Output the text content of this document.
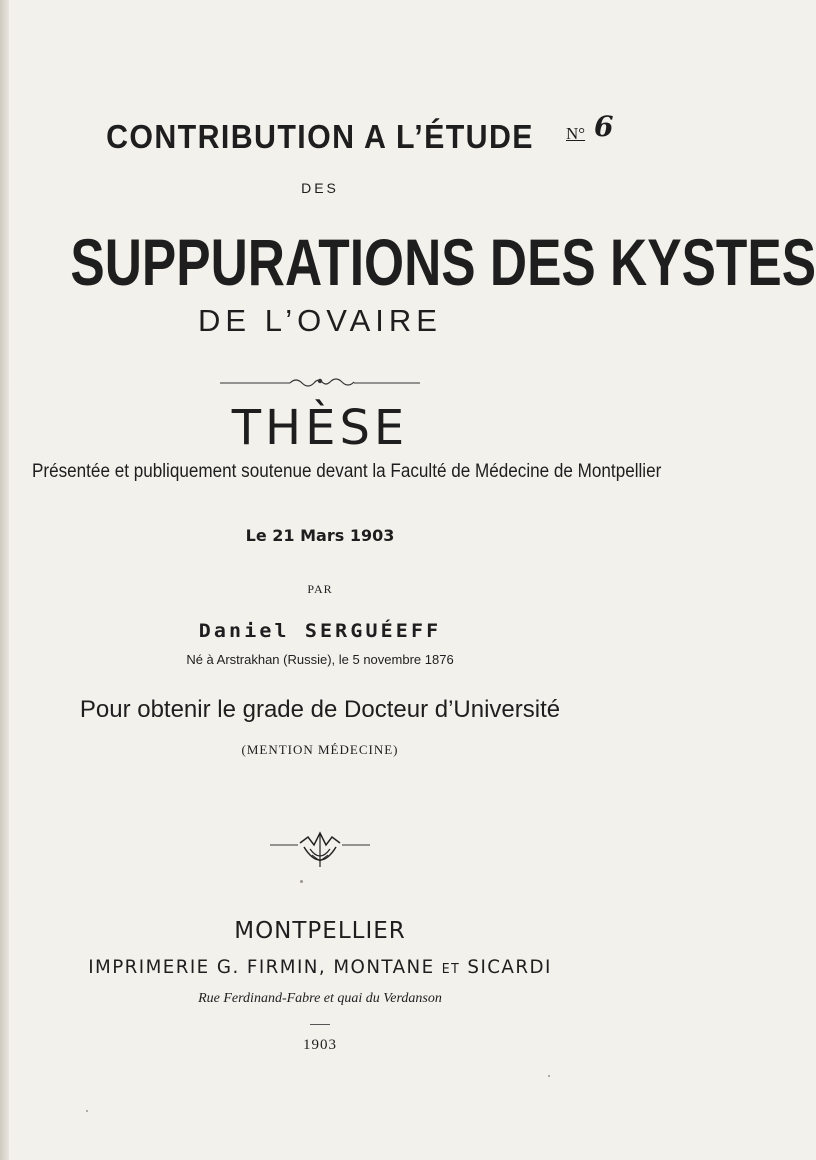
CONTRIBUTION A L’ÉTUDE	N° 6
DES
SUPPURATIONS DES KYSTES
DE L’OVAIRE
THÈSE
Présentée et publiquement soutenue devant la Faculté de Médecine de Montpellier
Le 21 Mars 1903
PAR
Daniel SERGUÉEFF
Né à Arstrakhan (Russie), le 5 novembre 1876
Pour obtenir le grade de Docteur d’Université
(MENTION MÉDECINE)
MONTPELLIER
IMPRIMERIE G. FIRMIN, MONTANE ET SICARDI
Rue Ferdinand-Fabre et quai du Verdanson
1903
